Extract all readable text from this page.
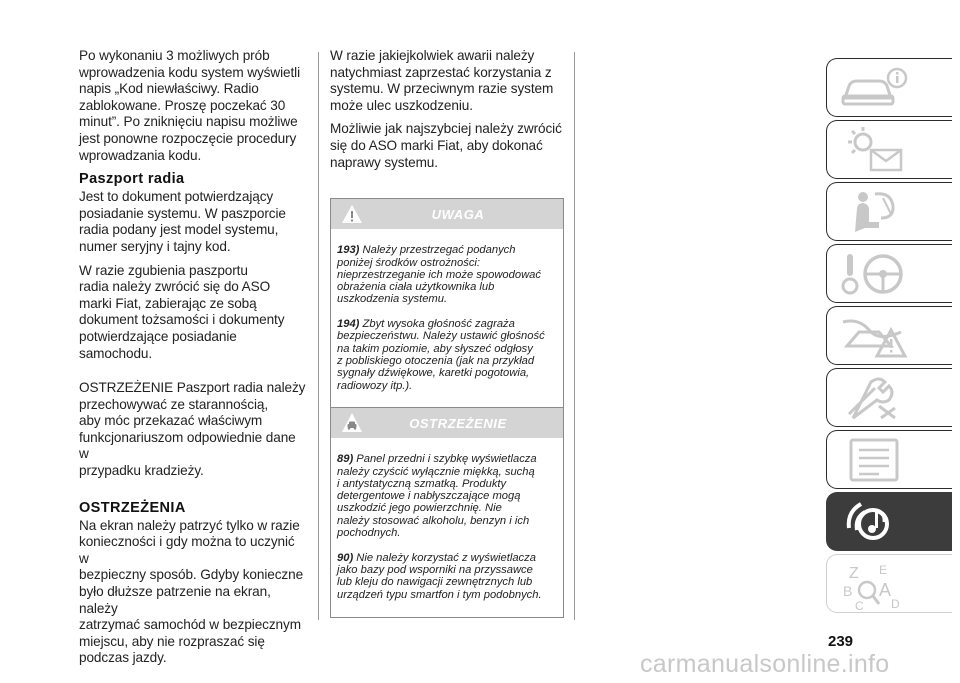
Po wykonaniu 3 możliwych prób
wprowadzenia kodu system wyświetli
napis „Kod niewłaściwy. Radio
zablokowane. Proszę poczekać 30
minut”. Po zniknięciu napisu możliwe
jest ponowne rozpoczęcie procedury
wprowadzania kodu.

Paszport radia

Jest to dokument potwierdzający
posiadanie systemu. W paszporcie
radia podany jest model systemu,
numer seryjny i tajny kod.

W razie zgubienia paszportu
radia należy zwrócić się do ASO
marki Fiat, zabierając ze sobą
dokument tożsamości i dokumenty
potwierdzające posiadanie
samochodu.

OSTRZEŻENIE Paszport radia należy
przechowywać ze starannością,
aby móc przekazać właściwym
funkcjonariuszom odpowiednie dane w
przypadku kradzieży.

OSTRZEŻENIA

Na ekran należy patrzyć tylko w razie
konieczności i gdy można to uczynić w
bezpieczny sposób. Gdyby konieczne
było dłuższe patrzenie na ekran, należy
zatrzymać samochód w bezpiecznym
miejscu, aby nie rozpraszać się
podczas jazdy.

W razie jakiejkolwiek awarii należy
natychmiast zaprzestać korzystania z
systemu. W przeciwnym razie system
może ulec uszkodzeniu.

Możliwie jak najszybciej należy zwrócić
się do ASO marki Fiat, aby dokonać
naprawy systemu.

UWAGA

193) Należy przestrzegać podanych
poniżej środków ostrożności:
nieprzestrzeganie ich może spowodować
obrażenia ciała użytkownika lub
uszkodzenia systemu.

194) Zbyt wysoka głośność zagraża
bezpieczeństwu. Należy ustawić głośność
na takim poziomie, aby słyszeć odgłosy
z pobliskiego otoczenia (jak na przykład
sygnały dźwiękowe, karetki pogotowia,
radiowozy itp.).

OSTRZEŻENIE

89) Panel przedni i szybkę wyświetlacza
należy czyścić wyłącznie miękką, suchą
i antystatyczną szmatką. Produkty
detergentowe i nabłyszczające mogą
uszkodzić jego powierzchnię. Nie
należy stosować alkoholu, benzyn i ich
pochodnych.

90) Nie należy korzystać z wyświetlacza
jako bazy pod wsporniki na przyssawce
lub kleju do nawigacji zewnętrznych lub
urządzeń typu smartfon i tym podobnych.

Z E
B A
C D
239
carmanualsonline.info
